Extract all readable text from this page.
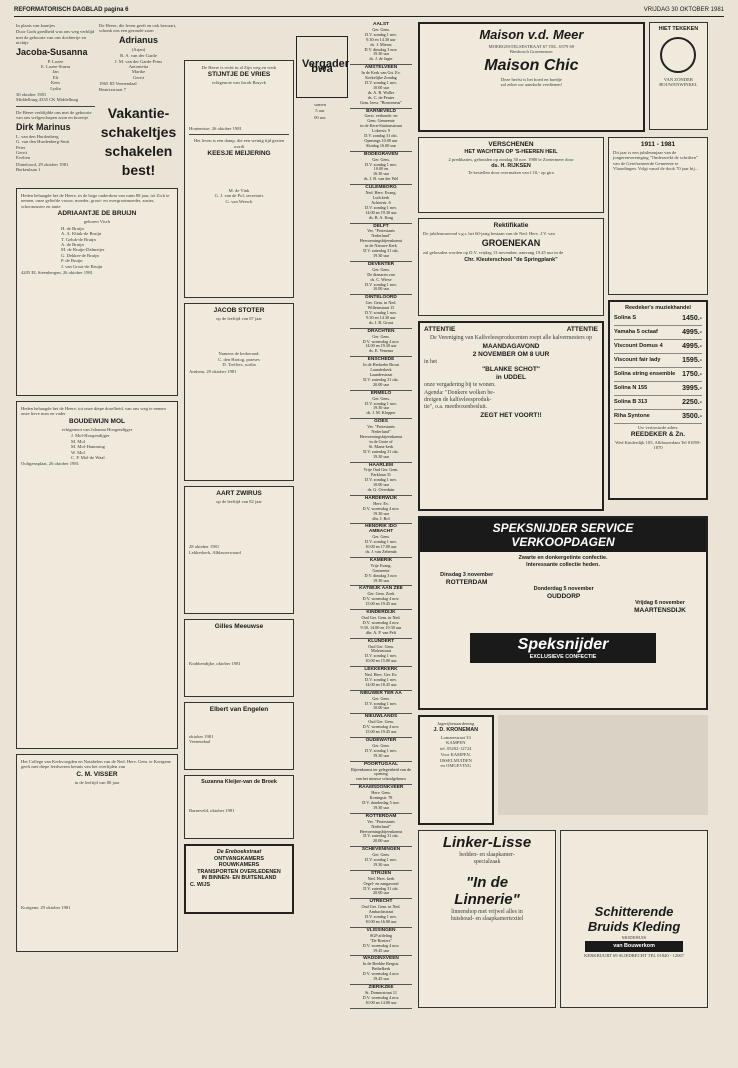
REFORMATORISCH DAGBLAD pagina 6	VRIJDAG 30 OKTOBER 1981
In plaats van kaartjes
Door Gods goedheid was ons weg verblijd met de geboorte van ons dochtertje en nichtje
Jacoba-Susanna
P. Lozee
E. Lozee-Sturm
Jan
Eli
Kees
Lydia
30 oktober 1981
Middelburg 4335 CK Middelburg
De Heere verblijdde ons met de geboorte van ons welgeschapen zoon en broertje
Dirk Marinus
L. van den Hurdenberg
G. van den Hurdenberg-Smit
Peter
Gerrit
Evelien
Dinteloord, 29 oktober 1981
Berkenlaan 1
De Heere, die leven geeft en ook bewaart, schonk ons een gezonde zoon
Adrianus
(Arjan)
B. A. van der Garde
J. M. van der Garde-Prins
Antonietta
Marike
Gerrit
1965 JD Veenendaal
Beatrixstraat 7
Vakantie-schakeltjes schakelen best!
Heden behaagde het de Heere, in de hoge ouderdom van ruim 88 jaar, tot Zich te nemen, onze geliefde vrouw, moeder, groot- en overgrootmoeder, zuster, schoonzuster en tante
ADRIAANTJE DE BRUIJN
geboren Visch
H. de Bruijn
A. A. Klink-de Bruijn
T. Geluk-de Bruijn
A. de Bruijn
M. de Bruijn-Dalmeijer
G. Dekker-de Bruijn
P. de Bruijn
J. van Groot-de Bruijn
4205 EL Steenbergen, 26 oktober 1981
Heden behaagde het de Heere, tot onze diepe droefheid, van ons weg te nemen onze lieve man en vader
BOUDEWIJN MOL
echtgenoot van Johanna Hoogendijger
J. Mol-Hoogendijger
M. Mol
M. Mol-Hamming
W. Mol
C. P. Mol-de Waal
Ooltgensplaat, 26 oktober 1981
Het College van Kerkvoogden en Notabelen van de Ned. Herv. Gem. te Kortgene geeft met diepe leedwezen kennis van het overlijden van
C. M. VISSER
in de leeftijd van 80 jaar
Kortgene, 29 oktober 1981
De Heere is recht in al Zijn weg en werk
STIJNTJE DE VRIES
echtgenote van Jacob Bruyck
Hontenisse, 26 oktober 1981
Het leven is een damp, die een weinig tijd gezien wordt
KEESJE MEIJERING
M. de Vink
G. J. van de Pol, secretaris
G. van Wersch
JACOB STOTER
op de leeftijd van 67 jaar
Namens de kerkeraad:
C. den Hartog, praeses
D. Treffers, scriba
Arnhem, 29 oktober 1981
AART ZWIRUS
op de leeftijd van 82 jaar
28 oktober 1981
Lekkerkerk, Alblasserwaard
Gilles Meeuwse
Krabbendijke, oktober 1981
Elbert van Engelen
oktober 1981
Veenendaal
Suzanna Kleijer-van de Broek
Barneveld, oktober 1981
De Ereboekstraat
ONTVANGKAMERS
ROUWKAMERS
TRANSPORTEN OVERLEDENEN
IN BINNEN- EN BUITENLAND
C. WIJS
Vergader bwa
samen
5 uur
00 uur
AALST
Ger. Gem.
D.V. zondag 1 nov.
9.30 en 14.30 uur
ds. J. Mieras
D.V. dinsdag 3 nov.
19.30 uur
ds. J. de Jager
AMSTELVEEN
In de Kerk van Grt. Ev.
Kerkelijke Zondag
D.V. zondag 1 nov.
10.00 uur
ds. A. B. Waller
ds. C. de Peuter
Gem. leesr. "Borromeus"
BARNEVELD
Gerst. verbonds- en
Gem. Gemeente
in de Kern-Stationsstraat
Lokerstr. 9
D.V. zondag 31 okt.
Openings 10.00 uur
Slotdag 16.00 uur
BODEGRAVEN
Ger. Gem.
D.V. zondag 1 nov.
10.00 en
16.30 uur
ds. J. B. van der Wel
CULEMBORG
Ned. Herv. Evang.
Luth.kerk
Achterstr. 6
D.V. zondag 1 nov.
14.00 en 19.30 uur
ds. B. A. Krug
DELFT
Ver. "Protestants
Nederland"
Hervormingsbijeenkomst
in de Nieuwe Kerk
D.V. zaterdag 31 okt.
19.30 uur
DEVENTER
Ger. Gem.
De dienaren van
ds. C. Wiese
D.V. zondag 1 nov.
10.00 uur
DINTELOORD
Ger. Gem. in Ned.
Willemstraat 15
D.V. zondag 1 nov.
9.30 en 14.30 uur
ds. J. B. Groot
DRACHTEN
Ger. Gem.
D.V. woensdag 4 nov.
14.00 en 19.30 uur
ds. E. Venema
ENSCHEDE
In de Herkrebe Brout
Laanderkerk
Laanderstraat
D.V. zaterdag 31 okt.
20.00 uur
ERMELO
Ger. Gem.
D.V. zondag 1 nov.
19.30 uur
ds. J. M. Klopper
GOES
Ver. "Protestants
Nederland"
Hervormingsbijeenkomst
in de Grote of
St. Maria-kerk
D.V. zaterdag 31 okt.
19.30 uur
HAARLEM
Vrije Oud Ger. Gem.
Parklaan 31
D.V. zondag 1 nov.
10.00 uur
ds. G. Overduin
HARDERWIJK
Herv. Ev.
D.V. woensdag 4 nov.
19.30 uur
dhr. J. Bol
HENDRIK IDO
AMBACHT
Ger. Gem.
D.V. zondag 1 nov.
10.00 en 17.00 uur
ds. J. van Zebenda
KAMERIK
Vrije Evang.
Gemeente
D.V. dinsdag 3 nov.
19.30 uur
KATWIJK AAN ZEE
Ger. Gem. Zoek
D.V. woensdag 4 nov.
15.00 en 19.45 uur
KINDERDIJK
Oud Ger. Gem. in Ned.
D.V. woensdag 4 nov.
9.30, 14.00 en 19.30 uur
dhr. A. P. van Pelt
KLUNDERT
Oud Ger. Gem.
Molenstraat
D.V. zondag 1 nov.
10.00 en 15.00 uur
LEKKERKERK
Ned. Herv. Ger. Ev.
D.V. zondag 1 nov.
14.00 en 18.45 uur
NIEUWER TER AA
Ger. Gem.
D.V. zondag 1 nov.
10.00 uur
NIEUWLANDS
Oud Ger. Gem.
D.V. woensdag 4 nov.
15.00 en 19.45 uur
OUDEWATER
Ger. Gem.
D.V. zondag 1 nov.
19.30 uur
POORTUGAAL
Bijeenkomst ter gelegenheid van de opening
van het nieuwe schoolgebouw
RAAMSDONKVEER
Herv. Gem.
Koningstr. 78
D.V. donderdag 5 nov.
19.30 uur
ROTTERDAM
Ver. "Protestants
Nederland"
Hervormingsbijeenkomst
D.V. zaterdag 31 okt.
20.00 uur
SCHEVENINGEN
Ger. Gem.
D.V. zondag 1 nov.
19.30 uur
STRIJEN
Ned. Herv. kerk
Orgel- en zangavond
D.V. zaterdag 31 okt.
20.00 uur
UTRECHT
Oud Ger. Gem. in Ned.
Ambachtstraat
D.V. zondag 1 nov.
10.00 en 16.00 uur
VLISSINGEN
SGP afdeling
"De Roeiers"
D.V. woensdag 4 nov.
19.45 uur
WADDINXVEEN
In de Beekbe Bergstr.
Bethelkerk
D.V. woensdag 4 nov.
19.45 uur
ZIERIKZEE
St. Domusstraat 11
D.V. woensdag 4 nov.
10.00 en 14.00 uur
Maison v.d. Meer
MOERGESTELSESTRAAT 67 TEL. 6579 69
Biesbosch Gravenmoer
Maison Chic
Deze herfst is het hoed en hoedje
zal zeker uw aandacht verdienen!
HIET TEKEKEN
VAN ZONDER
BOUWENWINKEL
VERSCHENEN
HET WACHTEN OP 'S-HEEREN HEIL
2 predikaties, gehouden op zondag 30 nov. 1980 te Zoetermeer door
ds. H. RIJKSEN
Te bestellen door overmaken van f 10,- op giro
Rektifikatie
De jubileumavond v.g.r. het 60-jarig bestaan van de Ned. Herv. J.V. van
GROENEKAN
zal gehouden worden op D.V. vrijdag 13 november, aanvang 19.45 uur in de
Chr. Kleuterschool "de Springplank"
ATTENTIE	ATTENTIE
De Vereniging van Kalfsvleesproducenten roept alle kalvermesters op
MAANDAGAVOND
2 NOVEMBER OM 8 UUR
in het
"BLANKE SCHOT"
in UDDEL
onze vergadering bij te wonen.
Agenda: "Donkere wolken be-
dreigen de kalfsvleesproduk-
tie", o.a. meetboxenbesluit.
ZEGT HET VOORT!!
1911 - 1981
Dit jaar is een jubileumjaar van de jongerenvereniging "Onderzoekt de schriften" van de Gereformeerde Gemeente te Vlaardingen. Volgt vanaf de dook 70 jaar bij...
Reedeker's muziekhandel
Solina S	1450.-
Yamaha 5 octaaf	4995.-
Viscount Domus 4	4995.-
Viscount fair lady	1595.-
Solina string ensemble 1750.-
Solina N 155	3995.-
Solina B 313	2250.-
Riha Syntone	3500.-
Uw vertrouwde adres:
REEDEKER & Zn.
Wed Kinderdijk 105, Alblasserdam Tel 01859-1870
SPEKSNIJDER SERVICE
VERKOOPDAGEN
Zwarte en donkergetinte confectie.
Interessante collectie heden.
Dinsdag 3 november
ROTTERDAM
Donderdag 5 november
OUDDORP
Vrijdag 6 november
MAARTENSDIJK
Speksnijder
EXCLUSIEVE CONFECTIE
Jagerijbenaardening
J. D. KRONEMAN
Lomarestraat 33
KAMPEN
tel. 05202-12724
Voor KAMPEN,
IJSSELMUIDEN
en OMGEVING
Linker-Lisse
bedden- en slaapkamer-
specialzaak
"In de
Linnerie"
linnenshop met vrijwel alles in
huishoud- en slaapkamertextiel	Schitterende
Bruids Kleding
MODEHUIS
van Bouwerkom
KERKBUURT 69 SLIEDRECHT TEL 01840 - 12067
